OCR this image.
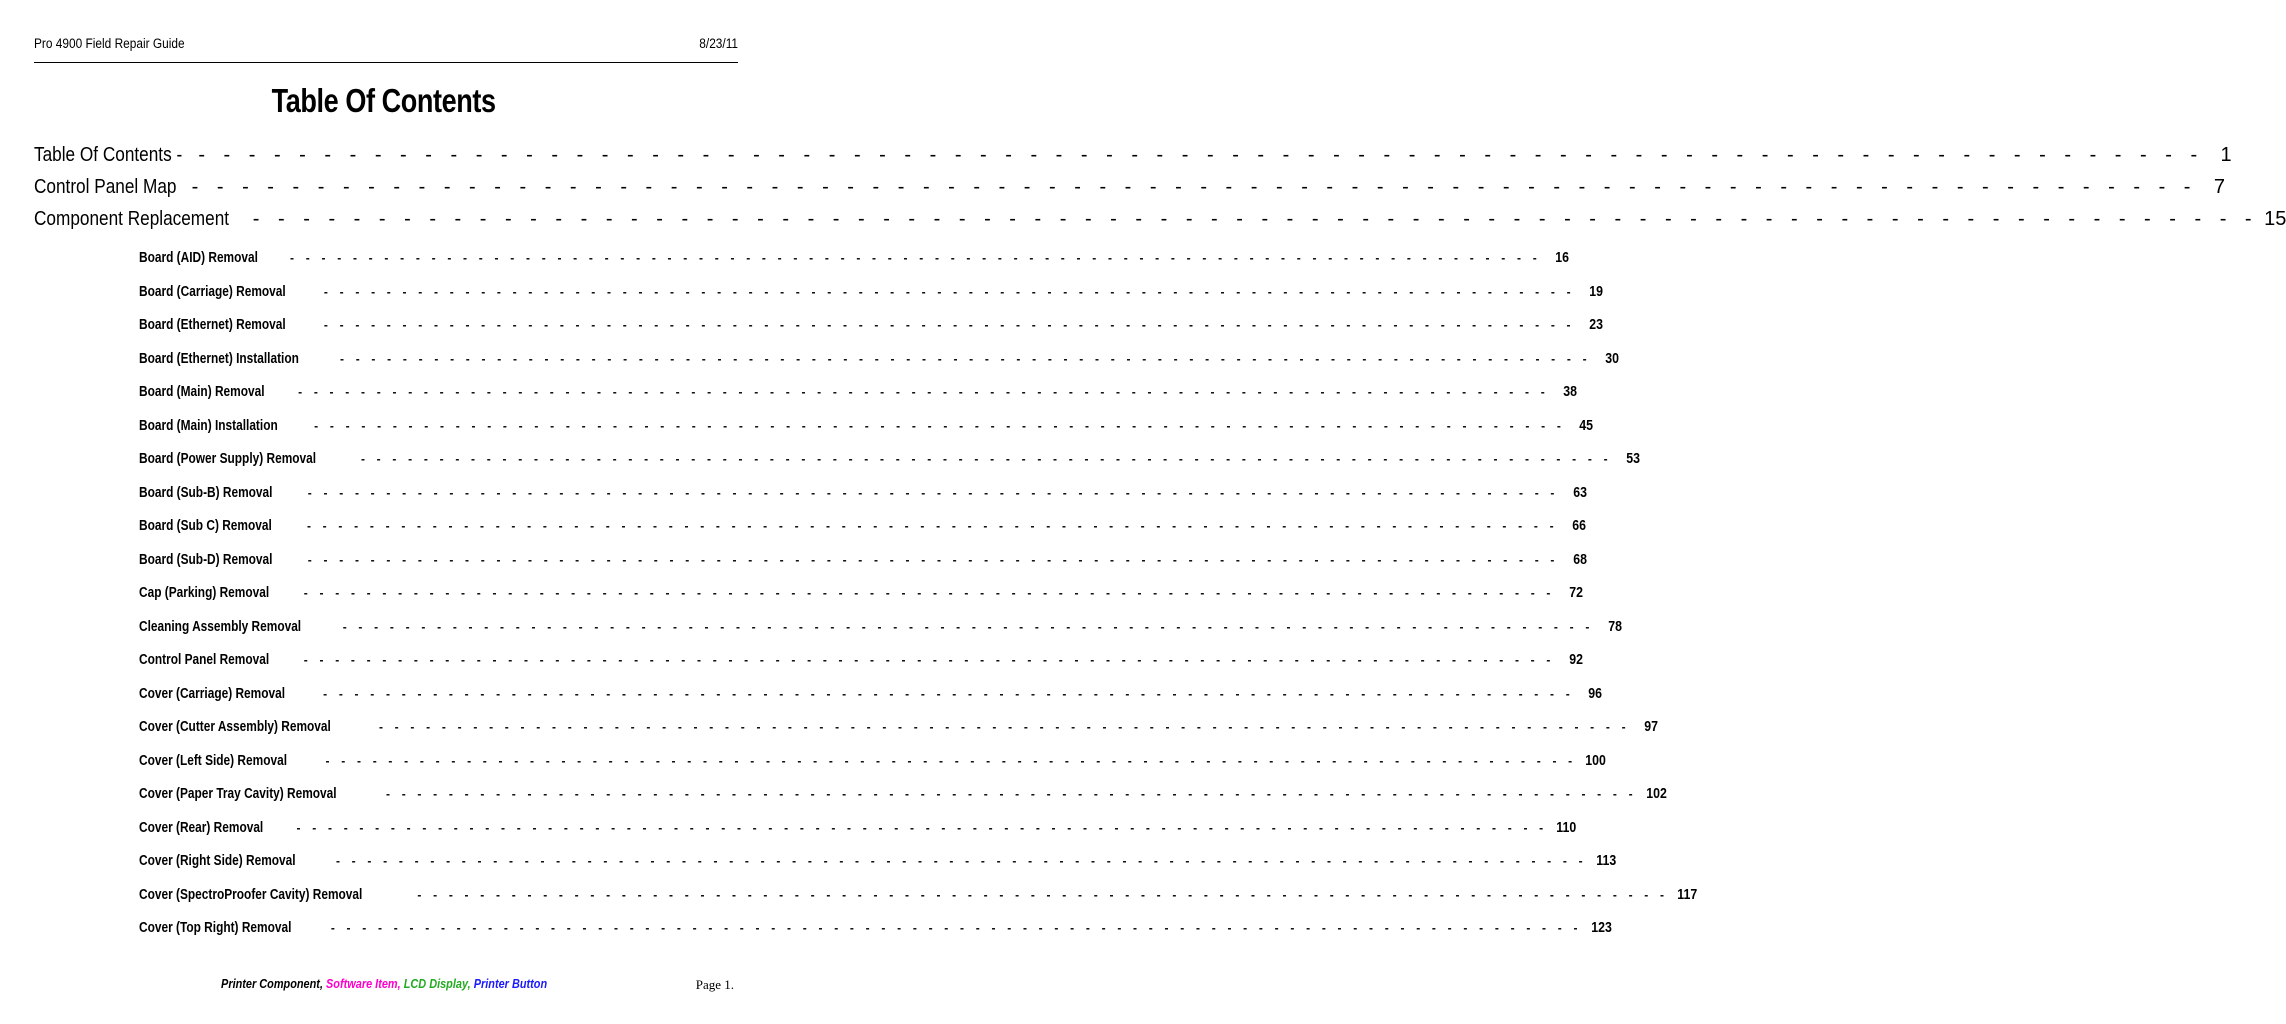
Pro 4900 Field Repair Guide	8/23/11
Table Of Contents
Table Of Contents - - - - - - - - - - - - - - - - - - - - - - - - - - - - - - - - - - - - - - - - - - - - - - - - - - - - - - - - - - - - - - - - - - - - - - - - - - - - - - - - - 1
Control Panel Map - - - - - - - - - - - - - - - - - - - - - - - - - - - - - - - - - - - - - - - - - - - - - - - - - - - - - - - - - - - - - - - - - - - - - - - - - - - - - - - - 7
Component Replacement - - - - - - - - - - - - - - - - - - - - - - - - - - - - - - - - - - - - - - - - - - - - - - - - - - - - - - - - - - - - - - - - - - - - - - - - - - - - - - - - 15
Board (AID) Removal	- - - - - - - - - - - - - - - - - - - - - - - - - - - - - - - - - - - - - - - - - - - - - - - - - - - - - - - - - - - - - - - - - - - - - - - - - - - - - - - - 16
Board (Carriage) Removal	- - - - - - - - - - - - - - - - - - - - - - - - - - - - - - - - - - - - - - - - - - - - - - - - - - - - - - - - - - - - - - - - - - - - - - - - - - - - - - - - 19
Board (Ethernet) Removal	- - - - - - - - - - - - - - - - - - - - - - - - - - - - - - - - - - - - - - - - - - - - - - - - - - - - - - - - - - - - - - - - - - - - - - - - - - - - - - - - 23
Board (Ethernet) Installation	- - - - - - - - - - - - - - - - - - - - - - - - - - - - - - - - - - - - - - - - - - - - - - - - - - - - - - - - - - - - - - - - - - - - - - - - - - - - - - - - 30
Board (Main) Removal	- - - - - - - - - - - - - - - - - - - - - - - - - - - - - - - - - - - - - - - - - - - - - - - - - - - - - - - - - - - - - - - - - - - - - - - - - - - - - - - - 38
Board (Main) Installation	- - - - - - - - - - - - - - - - - - - - - - - - - - - - - - - - - - - - - - - - - - - - - - - - - - - - - - - - - - - - - - - - - - - - - - - - - - - - - - - - 45
Board (Power Supply) Removal	- - - - - - - - - - - - - - - - - - - - - - - - - - - - - - - - - - - - - - - - - - - - - - - - - - - - - - - - - - - - - - - - - - - - - - - - - - - - - - - - 53
Board (Sub-B) Removal	- - - - - - - - - - - - - - - - - - - - - - - - - - - - - - - - - - - - - - - - - - - - - - - - - - - - - - - - - - - - - - - - - - - - - - - - - - - - - - - - 63
Board (Sub C) Removal	- - - - - - - - - - - - - - - - - - - - - - - - - - - - - - - - - - - - - - - - - - - - - - - - - - - - - - - - - - - - - - - - - - - - - - - - - - - - - - - - 66
Board (Sub-D) Removal	- - - - - - - - - - - - - - - - - - - - - - - - - - - - - - - - - - - - - - - - - - - - - - - - - - - - - - - - - - - - - - - - - - - - - - - - - - - - - - - - 68
Cap (Parking) Removal	- - - - - - - - - - - - - - - - - - - - - - - - - - - - - - - - - - - - - - - - - - - - - - - - - - - - - - - - - - - - - - - - - - - - - - - - - - - - - - - - 72
Cleaning Assembly Removal	- - - - - - - - - - - - - - - - - - - - - - - - - - - - - - - - - - - - - - - - - - - - - - - - - - - - - - - - - - - - - - - - - - - - - - - - - - - - - - - - 78
Control Panel Removal	- - - - - - - - - - - - - - - - - - - - - - - - - - - - - - - - - - - - - - - - - - - - - - - - - - - - - - - - - - - - - - - - - - - - - - - - - - - - - - - - 92
Cover (Carriage) Removal	- - - - - - - - - - - - - - - - - - - - - - - - - - - - - - - - - - - - - - - - - - - - - - - - - - - - - - - - - - - - - - - - - - - - - - - - - - - - - - - - 96
Cover (Cutter Assembly) Removal	- - - - - - - - - - - - - - - - - - - - - - - - - - - - - - - - - - - - - - - - - - - - - - - - - - - - - - - - - - - - - - - - - - - - - - - - - - - - - - - - 97
Cover (Left Side) Removal	- - - - - - - - - - - - - - - - - - - - - - - - - - - - - - - - - - - - - - - - - - - - - - - - - - - - - - - - - - - - - - - - - - - - - - - - - - - - - - - - 100
Cover (Paper Tray Cavity) Removal	- - - - - - - - - - - - - - - - - - - - - - - - - - - - - - - - - - - - - - - - - - - - - - - - - - - - - - - - - - - - - - - - - - - - - - - - - - - - - - - - 102
Cover (Rear) Removal	- - - - - - - - - - - - - - - - - - - - - - - - - - - - - - - - - - - - - - - - - - - - - - - - - - - - - - - - - - - - - - - - - - - - - - - - - - - - - - - - 110
Cover (Right Side) Removal	- - - - - - - - - - - - - - - - - - - - - - - - - - - - - - - - - - - - - - - - - - - - - - - - - - - - - - - - - - - - - - - - - - - - - - - - - - - - - - - - 113
Cover (SpectroProofer Cavity) Removal	- - - - - - - - - - - - - - - - - - - - - - - - - - - - - - - - - - - - - - - - - - - - - - - - - - - - - - - - - - - - - - - - - - - - - - - - - - - - - - - - 117
Cover (Top Right) Removal	- - - - - - - - - - - - - - - - - - - - - - - - - - - - - - - - - - - - - - - - - - - - - - - - - - - - - - - - - - - - - - - - - - - - - - - - - - - - - - - - 123
Printer Component, Software Item, LCD Display, Printer Button	Page 1.
